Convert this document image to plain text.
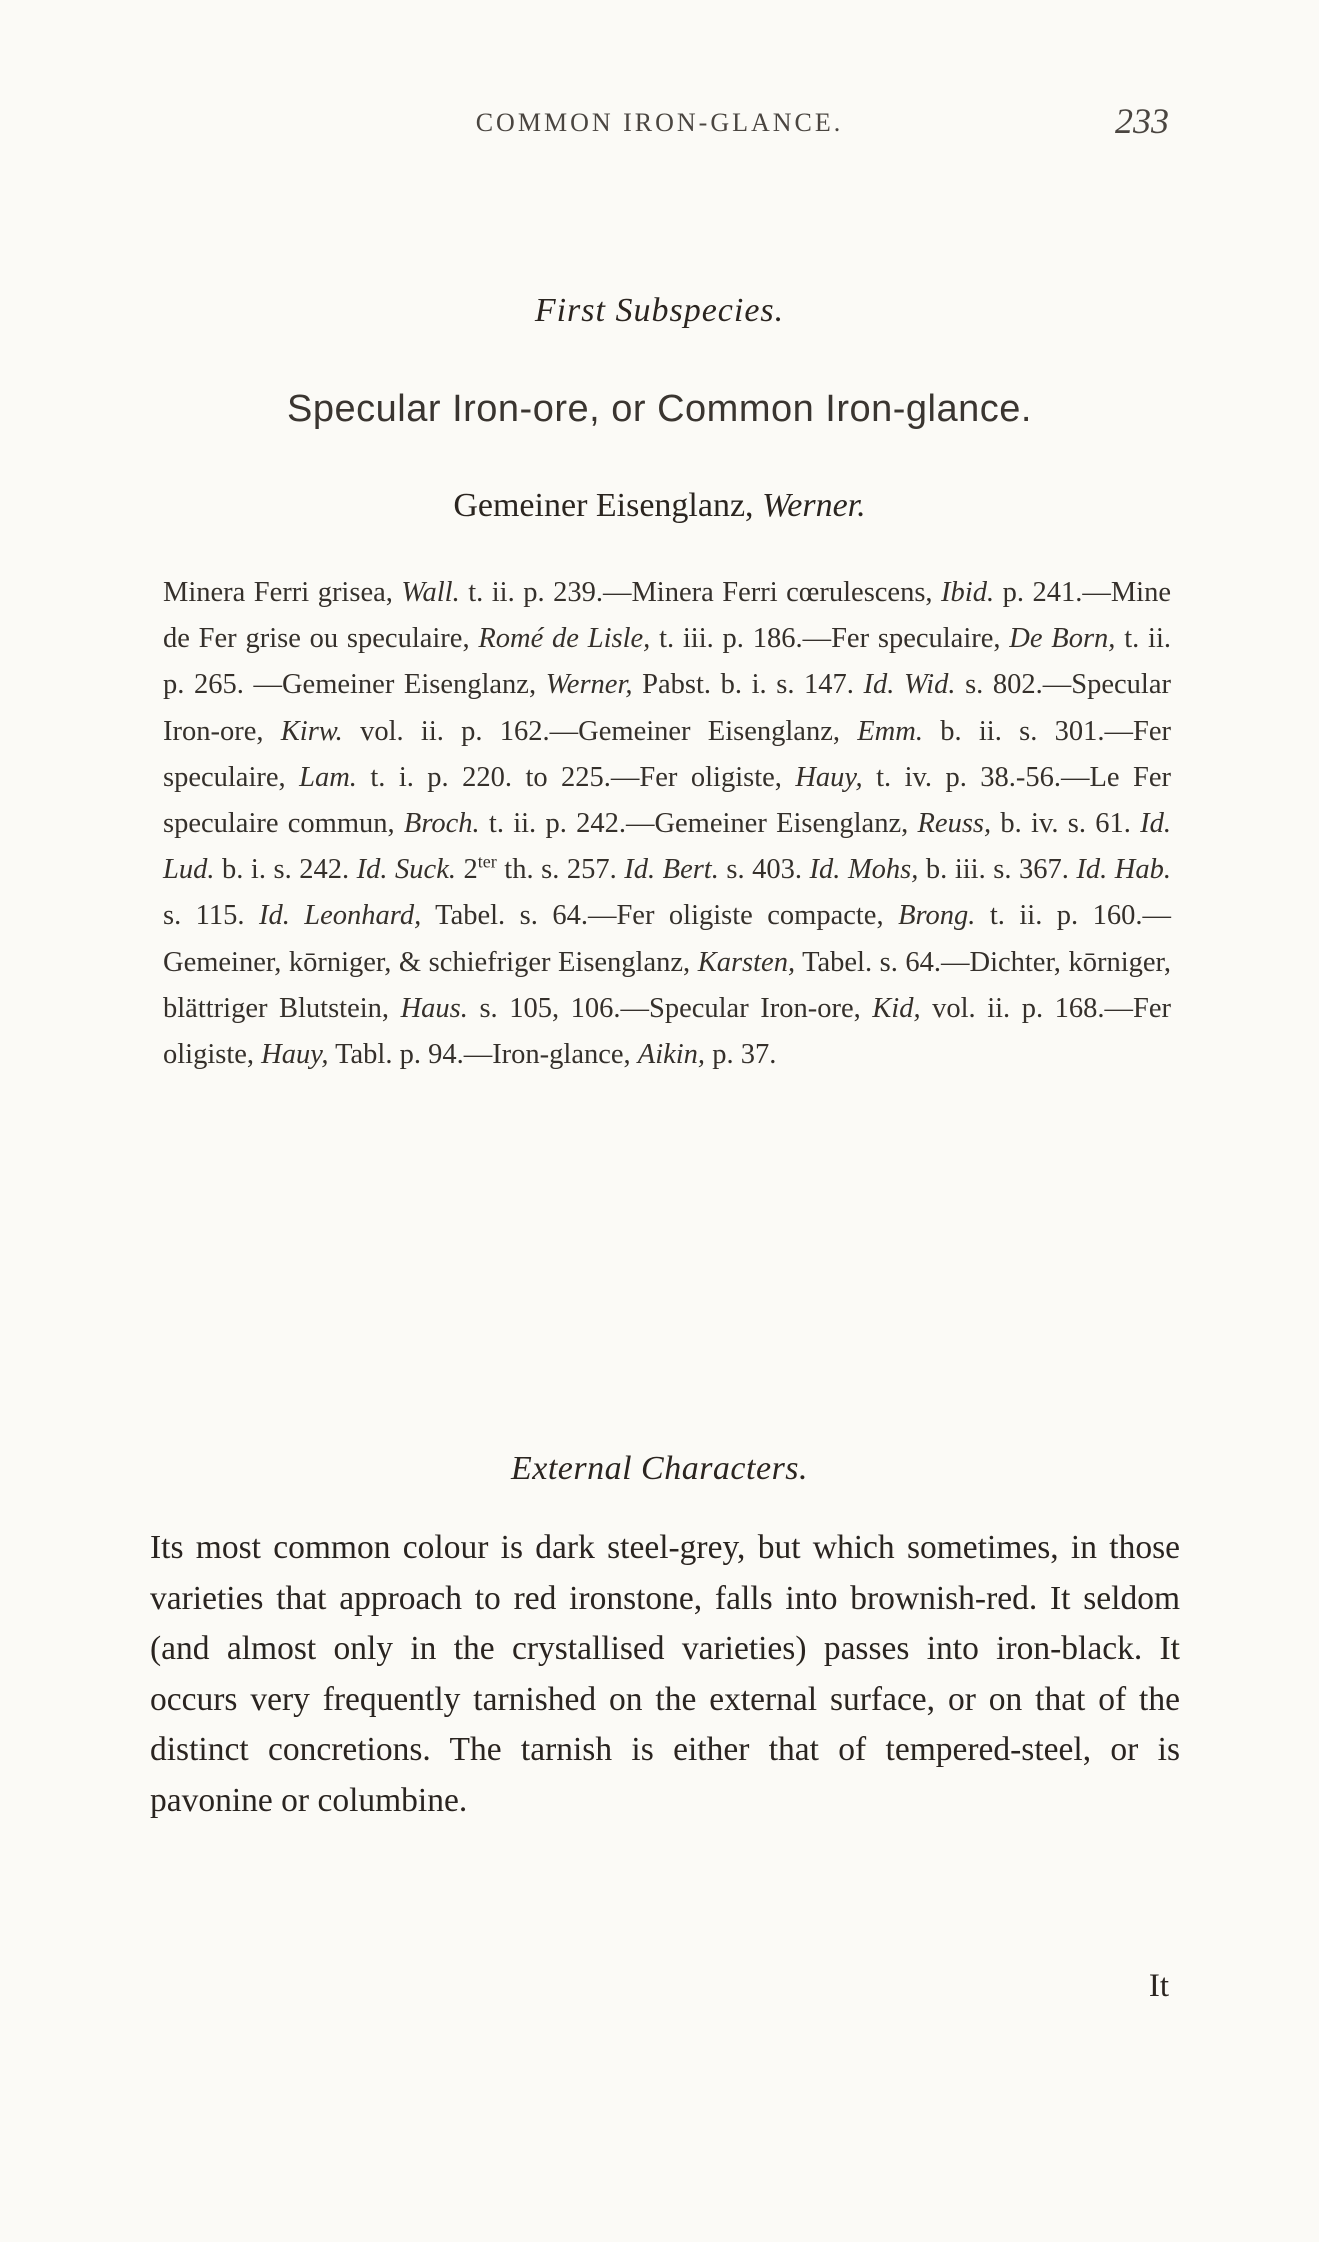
COMMON IRON-GLANCE.	233
First Subspecies.
Specular Iron-ore, or Common Iron-glance.
Gemeiner Eisenglanz, Werner.

Minera Ferri grisea, Wall. t. ii. p. 239.—Minera Ferri cœrulescens, Ibid. p. 241.—Mine de Fer grise ou speculaire, Romé de Lisle, t. iii. p. 186.—Fer speculaire, De Born, t. ii. p. 265. —Gemeiner Eisenglanz, Werner, Pabst. b. i. s. 147. Id. Wid. s. 802.—Specular Iron-ore, Kirw. vol. ii. p. 162.—Gemeiner Eisenglanz, Emm. b. ii. s. 301.—Fer speculaire, Lam. t. i. p. 220. to 225.—Fer oligiste, Hauy, t. iv. p. 38.-56.—Le Fer speculaire commun, Broch. t. ii. p. 242.—Gemeiner Eisenglanz, Reuss, b. iv. s. 61. Id. Lud. b. i. s. 242. Id. Suck. $2^{ter}$ th. s. 257. Id. Bert. s. 403. Id. Mohs, b. iii. s. 367. Id. Hab. s. 115. Id. Leonhard, Tabel. s. 64.—Fer oligiste compacte, Brong. t. ii. p. 160.—Gemeiner, kōrniger, & schiefriger Eisenglanz, Karsten, Tabel. s. 64.—Dichter, kōrniger, blättriger Blutstein, Haus. s. 105, 106.—Specular Iron-ore, Kid, vol. ii. p. 168.—Fer oligiste, Hauy, Tabl. p. 94.—Iron-glance, Aikin, p. 37.

External Characters.

Its most common colour is dark steel-grey, but which sometimes, in those varieties that approach to red ironstone, falls into brownish-red. It seldom (and almost only in the crystallised varieties) passes into iron-black. It occurs very frequently tarnished on the external surface, or on that of the distinct concretions. The tarnish is either that of tempered-steel, or is pavonine or columbine.

It
